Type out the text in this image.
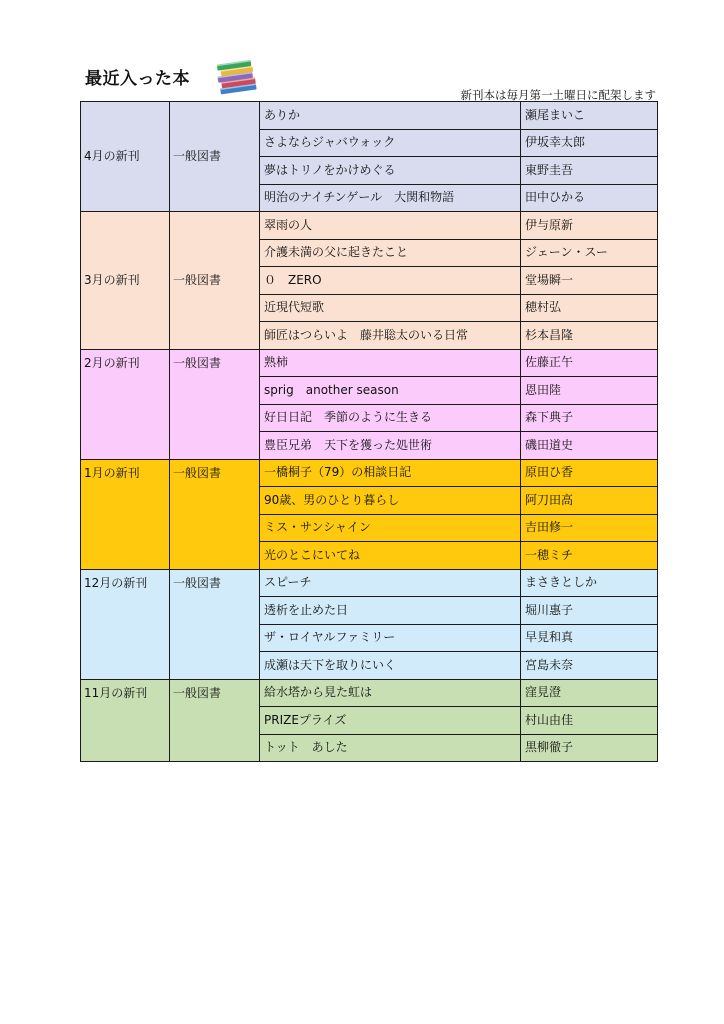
最近入った本
新刊本は毎月第一土曜日に配架します
4月の新刊	一般図書	ありか	瀬尾まいこ
		さよならジャバウォック	伊坂幸太郎
		夢はトリノをかけめぐる	東野圭吾
		明治のナイチンゲール　大関和物語	田中ひかる
3月の新刊	一般図書	翠雨の人	伊与原新
		介護未満の父に起きたこと	ジェーン・スー
		０　ZERO	堂場瞬一
		近現代短歌	穂村弘
		師匠はつらいよ　藤井聡太のいる日常	杉本昌隆
2月の新刊	一般図書	熟柿	佐藤正午
		sprig　another season	恩田陸
		好日日記　季節のように生きる	森下典子
		豊臣兄弟　天下を獲った処世術	磯田道史
1月の新刊	一般図書	一橋桐子（79）の相談日記	原田ひ香
		90歳、男のひとり暮らし	阿刀田高
		ミス・サンシャイン	吉田修一
		光のとこにいてね	一穂ミチ
12月の新刊	一般図書	スピーチ	まさきとしか
		透析を止めた日	堀川惠子
		ザ・ロイヤルファミリー	早見和真
		成瀬は天下を取りにいく	宮島未奈
11月の新刊	一般図書	給水塔から見た虹は	窪見澄
		PRIZEプライズ	村山由佳
		トット　あした	黒柳徹子
